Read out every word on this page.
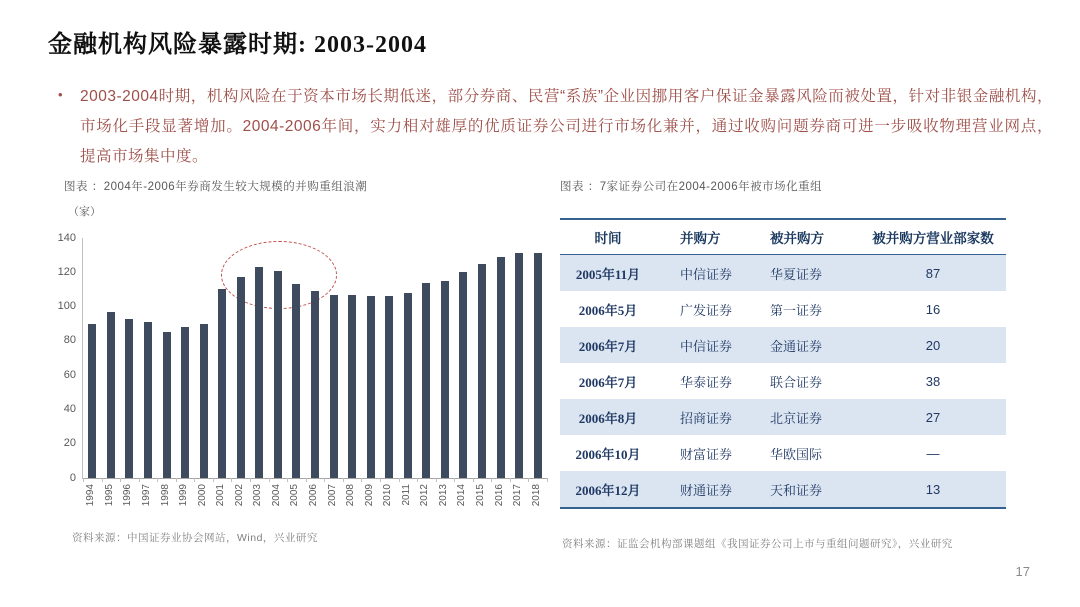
金融机构风险暴露时期: 2003-2004
•	2003-2004时期，机构风险在于资本市场长期低迷，部分券商、民营“系族”企业因挪用客户保证金暴露风险而被处置，针对非银金融机构，市场化手段显著增加。2004-2006年间，实力相对雄厚的优质证券公司进行市场化兼并，通过收购问题券商可进一步吸收物理营业网点，提高市场集中度。

图表 ：2004年-2006年券商发生较大规模的并购重组浪潮
（家）
1994 1995 1996 1997 1998 1999 2000 2001 2002 2003 2004 2005 2006 2007 2008 2009 2010 2011 2012 2013 2014 2015 2016 2017 2018
140
120
100
80
60
40
20
0
资料来源：中国证券业协会网站，Wind，兴业研究
图表 ：7家证券公司在2004-2006年被市场化重组
时间	并购方	被并购方	被并购方营业部家数
2005年11月	中信证券	华夏证券	87
2006年5月	广发证券	第一证券	16
2006年7月	中信证券	金通证券	20
2006年7月	华泰证券	联合证券	38
2006年8月	招商证券	北京证券	27
2006年10月	财富证券	华欧国际	—
2006年12月	财通证券	天和证券	13
资料来源：证监会机构部课题组《我国证券公司上市与重组问题研究》，兴业研究
17
